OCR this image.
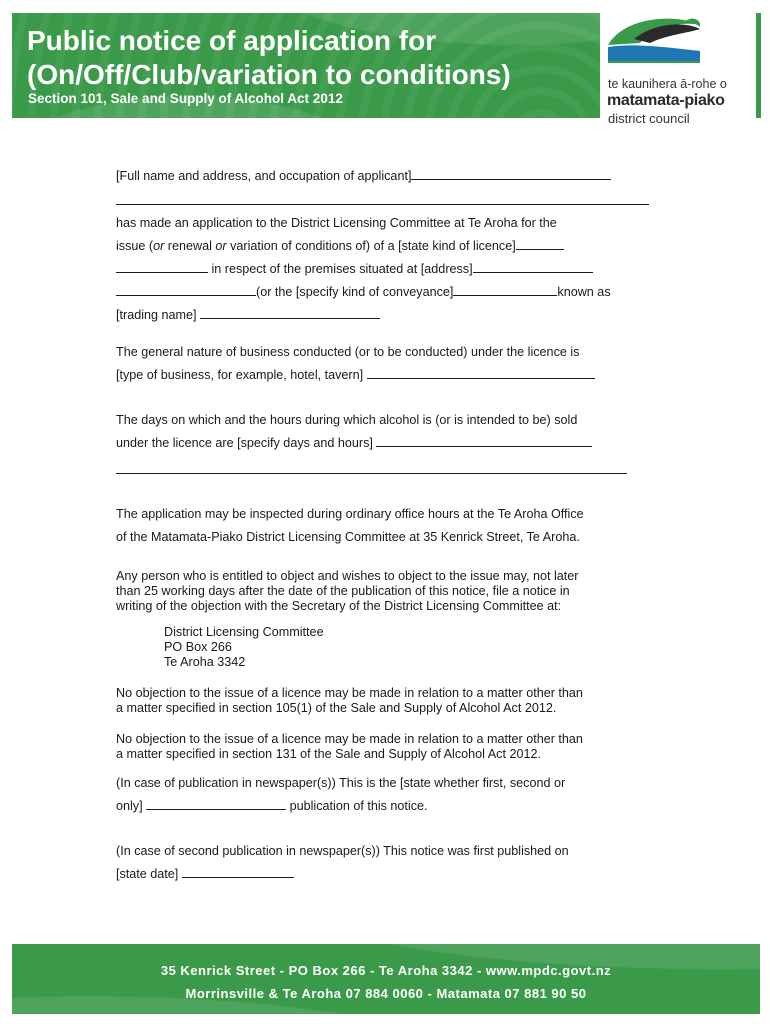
Public notice of application for
(On/Off/Club/variation to conditions)

Section 101, Sale and Supply of Alcohol Act 2012

te kaunihera ā-rohe o
matamata-piako
district council

[Full name and address, and occupation of applicant]

has made an application to the District Licensing Committee at Te Aroha for the
issue (or renewal or variation of conditions of) of a [state kind of licence]
in respect of the premises situated at [address]
(or the [specify kind of conveyance]	known as
[trading name]

The general nature of business conducted (or to be conducted) under the licence is
[type of business, for example, hotel, tavern]

The days on which and the hours during which alcohol is (or is intended to be) sold
under the licence are [specify days and hours]

The application may be inspected during ordinary office hours at the Te Aroha Office
of the Matamata-Piako District Licensing Committee at 35 Kenrick Street, Te Aroha.

Any person who is entitled to object and wishes to object to the issue may, not later
than 25 working days after the date of the publication of this notice, file a notice in
writing of the objection with the Secretary of the District Licensing Committee at:

District Licensing Committee
PO Box 266
Te Aroha 3342

No objection to the issue of a licence may be made in relation to a matter other than
a matter specified in section 105(1) of the Sale and Supply of Alcohol Act 2012.

No objection to the issue of a licence may be made in relation to a matter other than
a matter specified in section 131 of the Sale and Supply of Alcohol Act 2012.

(In case of publication in newspaper(s)) This is the [state whether first, second or
only]	publication of this notice.

(In case of second publication in newspaper(s)) This notice was first published on
[state date]

35 Kenrick Street - PO Box 266 - Te Aroha 3342 - www.mpdc.govt.nz
Morrinsville & Te Aroha 07 884 0060 - Matamata 07 881 90 50
